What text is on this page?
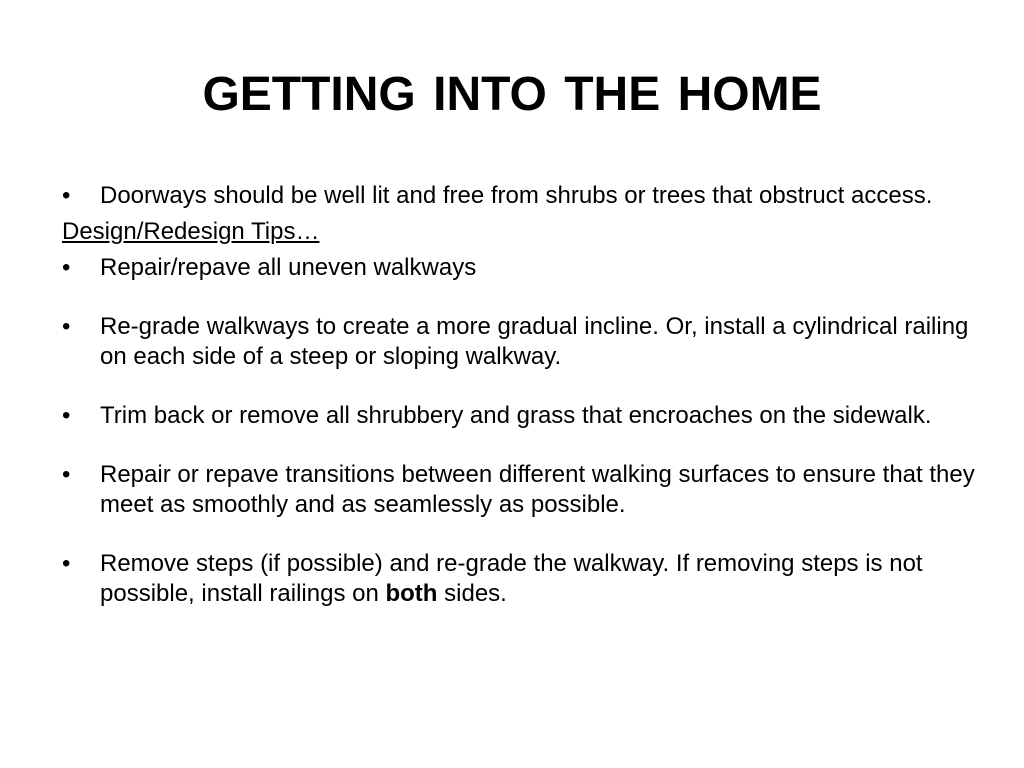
GETTING INTO THE HOME

•	Doorways should be well lit and free from shrubs or trees that obstruct access.

Design/Redesign Tips…

•	Repair/repave all uneven walkways

•	Re-grade walkways to create a more gradual incline. Or, install a cylindrical railing on each side of a steep or sloping walkway.

•	Trim back or remove all shrubbery and grass that encroaches on the sidewalk.

•	Repair or repave transitions between different walking surfaces to ensure that they meet as smoothly and as seamlessly as possible.

•	Remove steps (if possible) and re-grade the walkway. If removing steps is not possible, install railings on both sides.
